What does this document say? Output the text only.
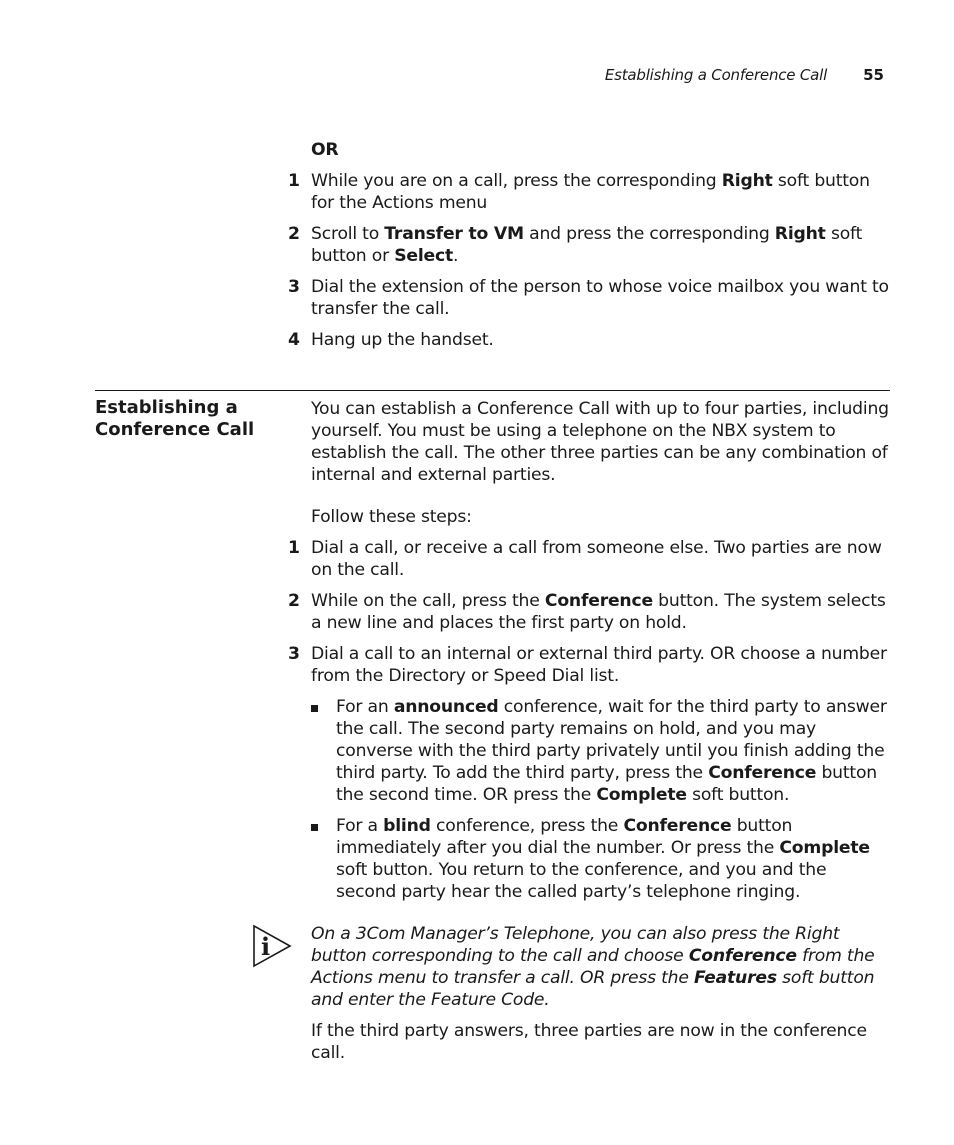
Establishing a Conference Call 55
OR
1 While you are on a call, press the corresponding Right soft button for the Actions menu
2 Scroll to Transfer to VM and press the corresponding Right soft button or Select.
3 Dial the extension of the person to whose voice mailbox you want to transfer the call.
4 Hang up the handset.
Establishing a
Conference Call
You can establish a Conference Call with up to four parties, including yourself. You must be using a telephone on the NBX system to establish the call. The other three parties can be any combination of internal and external parties.
Follow these steps:
1 Dial a call, or receive a call from someone else. Two parties are now on the call.
2 While on the call, press the Conference button. The system selects a new line and places the first party on hold.
3 Dial a call to an internal or external third party. OR choose a number from the Directory or Speed Dial list.
For an announced conference, wait for the third party to answer the call. The second party remains on hold, and you may converse with the third party privately until you finish adding the third party. To add the third party, press the Conference button the second time. OR press the Complete soft button.
For a blind conference, press the Conference button immediately after you dial the number. Or press the Complete soft button. You return to the conference, and you and the second party hear the called party’s telephone ringing.
i On a 3Com Manager’s Telephone, you can also press the Right button corresponding to the call and choose Conference from the Actions menu to transfer a call. OR press the Features soft button and enter the Feature Code.
If the third party answers, three parties are now in the conference call.
